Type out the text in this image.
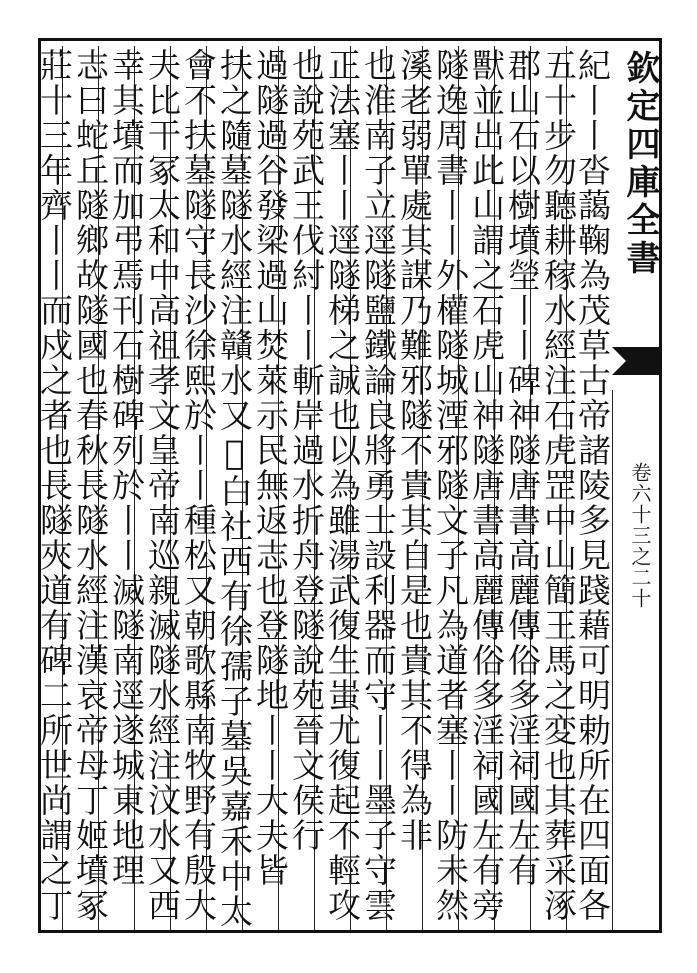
紀丨丨沓藹鞠為茂草古帝諸陵多見踐藉可明勅所在四面各
五十步勿聽耕稼水經注石虎罡中山簡王馬之変也其葬采涿
郡山石以樹墳塋丨丨碑神隧唐書高麗傳俗多淫祠國左有
獸並出此山謂之石虎山神隧唐書高麗傳俗多淫祠國左有旁
隧逸周書丨丨外權隧城湮邪隧文子凡為道者塞丨丨防未然
溪老弱單處其謀乃難邪隧不貴其自是也貴其不得為非
也淮南子立逕隧鹽鐵論良將勇士設利器而守丨丨墨子守雲
正法塞丨丨逕隧梯之誠也以為雖湯武復生蚩尤復起不輕攻
也說苑武王伐紂丨丨斬岸過水折舟登隧說苑晉文侯行
過隧過谷發梁過山焚萊示民無返志也登隧地丨丨大夫皆
扶之隨墓隧水經注贛水又𢈪白社西有徐孺子墓吳嘉禾中太
會不扶墓隧守長沙徐熙於丨丨種松又朝歌縣南牧野有殷大
夫比干冢太和中高祖孝文皇帝南巡親滅隧水經注汶水又西
幸其墳而加弔焉刊石樹碑列於丨丨滅隧南逕遂城東地理
志曰蛇丘隧鄉故隧國也春秋長隧水經注漢哀帝母丁姬墳冢
莊十三年齊丨丨而戍之者也長隧夾道有碑二所世尚謂之丁	欽定四庫全書
卷六十三之二十
